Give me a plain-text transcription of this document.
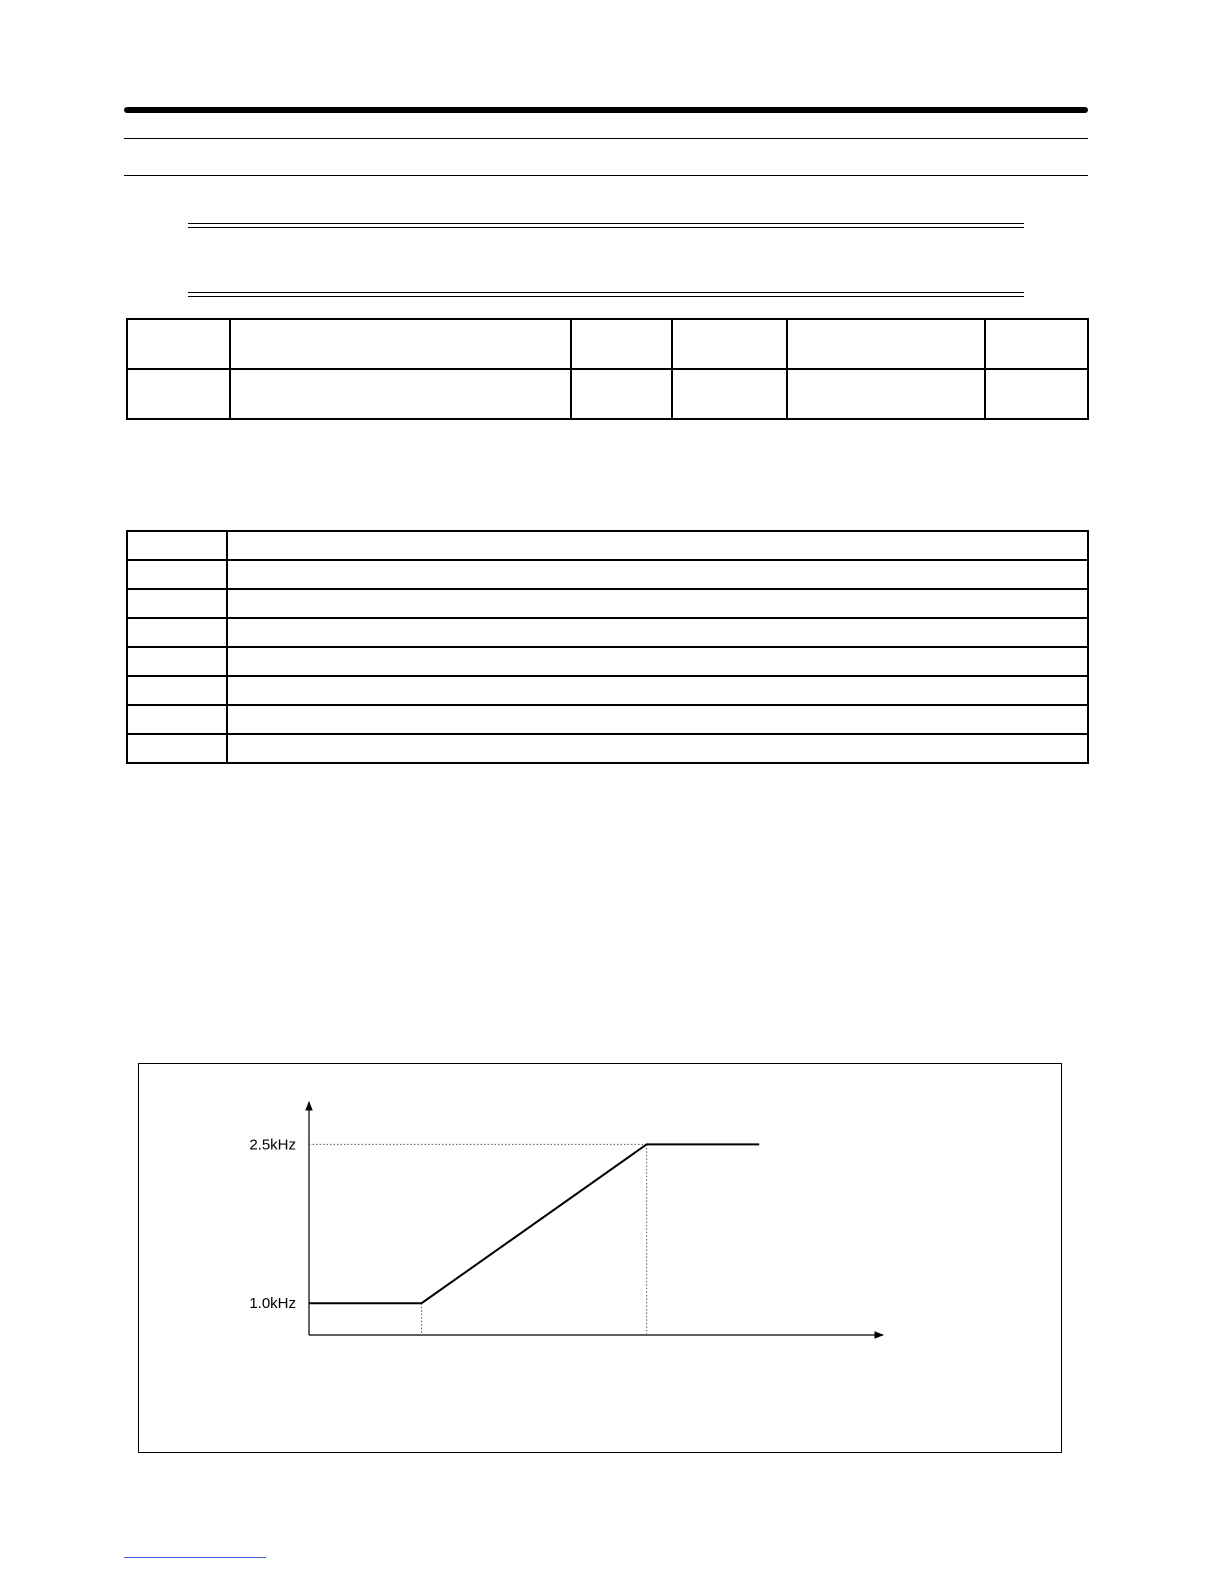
1.0kHz
2.5kHz
